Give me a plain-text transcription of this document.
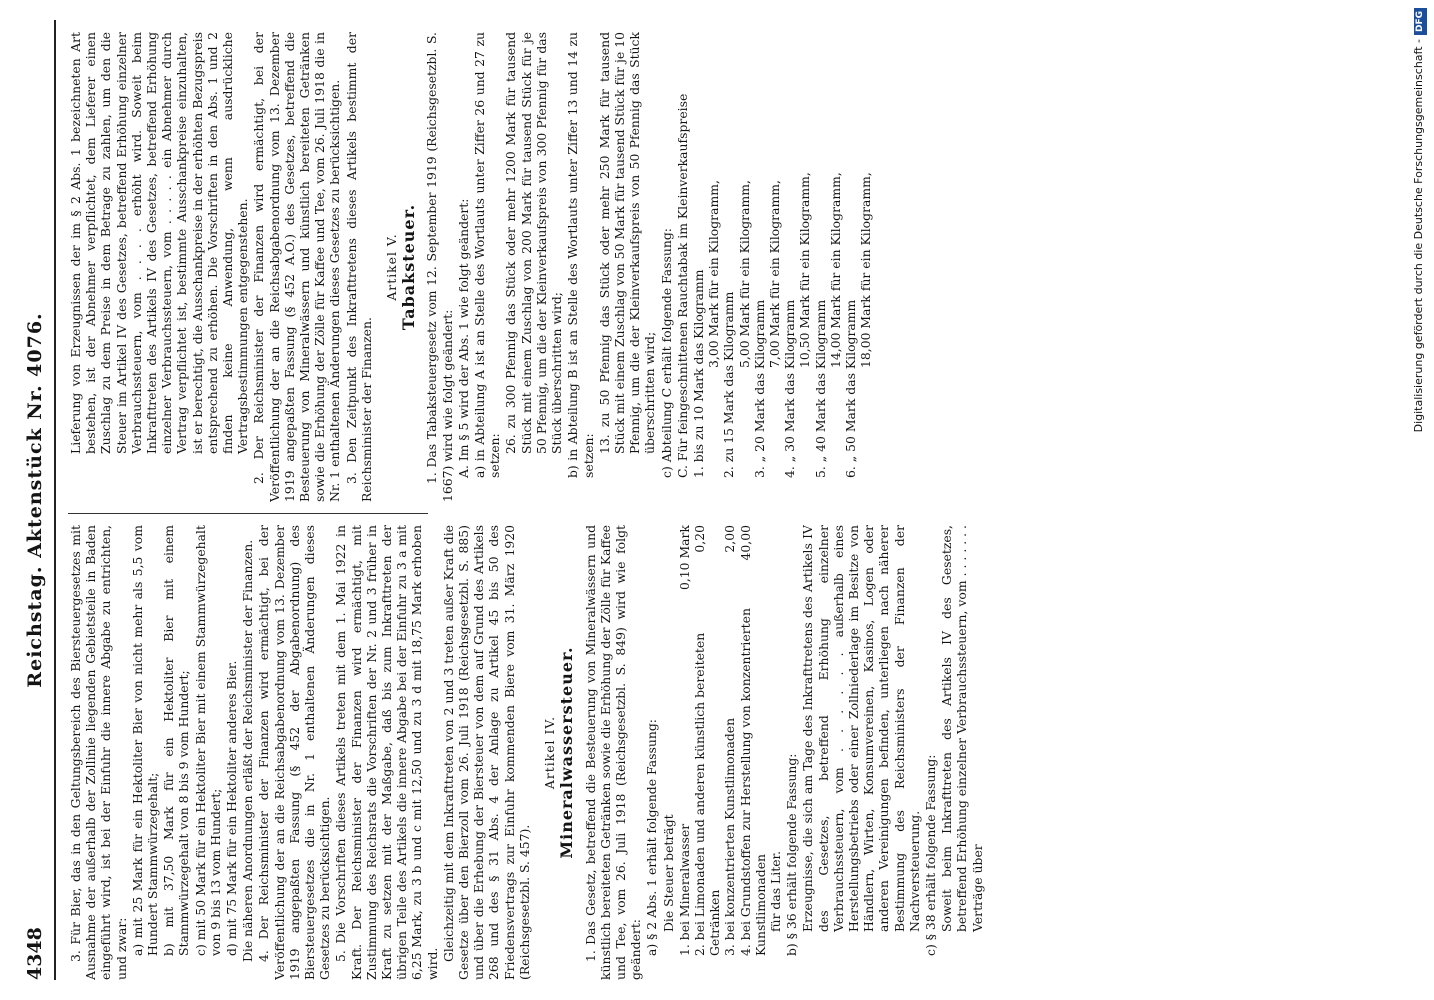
4348
Reichstag. Aktenstück Nr. 4076.

3. Für Bier, das in den Geltungsbereich des Biersteuergesetzes mit Ausnahme der außerhalb der Zollinie liegenden Gebietsteile in Baden eingeführt wird, ist bei der Einfuhr die innere Abgabe zu entrichten, und zwar: a) mit 25 Mark für ein Hektoliter Bier von nicht mehr als 5,5 vom Hundert Stammwürzegehalt; b) mit 37,50 Mark für ein Hektoliter Bier mit einem Stammwürzegehalt von 8 bis 9 vom Hundert; c) mit 50 Mark für ein Hektoliter Bier mit einem Stammwürzegehalt von 9 bis 13 vom Hundert; d) mit 75 Mark für ein Hektoliter anderes Bier. Die näheren Anordnungen erläßt der Reichsminister der Finanzen. 4. Der Reichsminister der Finanzen wird ermächtigt, bei der Veröffentlichung der an die Reichsabgabenordnung vom 13. Dezember 1919 angepaßten Fassung (§ 452 der Abgabenordnung) des Biersteuergesetzes die in Nr. 1 enthaltenen Änderungen dieses Gesetzes zu berücksichtigen. 5. Die Vorschriften dieses Artikels treten mit dem 1. Mai 1922 in Kraft. Der Reichsminister der Finanzen wird ermächtigt, mit Zustimmung des Reichsrats die Vorschriften der Nr. 2 und 3 früher in Kraft zu setzen mit der Maßgabe, daß bis zum Inkrafttreten der übrigen Teile des Artikels die innere Abgabe bei der Einfuhr zu 3 a mit 6,25 Mark, zu 3 b und c mit 12,50 und zu 3 d mit 18,75 Mark erhoben wird.

Gleichzeitig mit dem Inkrafttreten von 2 und 3 treten außer Kraft die Gesetze über den Bierzoll vom 26. Juli 1918 (Reichsgesetzbl. S. 885) und über die Erhebung der Biersteuer von dem auf Grund des Artikels 268 und des § 31 Abs. 4 der Anlage zu Artikel 45 bis 50 des Friedensvertrags zur Einfuhr kommenden Biere vom 31. März 1920 (Reichsgesetzbl. S. 457).

Artikel IV. Mineralwassersteuer. 1. Das Gesetz, betreffend die Besteuerung von Mineralwässern und künstlich bereiteten Getränken sowie die Erhöhung der Zölle für Kaffee und Tee, vom 26. Juli 1918 (Reichsgesetzbl. S. 849) wird wie folgt geändert: a) § 2 Abs. 1 erhält folgende Fassung: Die Steuer beträgt 1. bei Mineralwasser
0,10 Mark
2. bei Limonaden und anderen künstlich bereiteten Getränken
0,20
3. bei konzentrierten Kunstlimonaden
2,00
4. bei Grundstoffen zur Herstellung von konzentrierten Kunstlimonaden
40,00

für das Liter. b) § 36 erhält folgende Fassung: Erzeugnisse, die sich am Tage des Inkrafttretens des Artikels IV des Gesetzes, betreffend Erhöhung einzelner Verbrauchssteuern, vom . . . . . . außerhalb eines Herstellungsbetriebs oder einer Zollniederlage im Besitze von Händlern, Wirten, Konsumvereinen, Kasinos, Logen oder anderen Vereinigungen befinden, unterliegen nach näherer Bestimmung des Reichsministers der Finanzen der Nachversteuerung. c) § 38 erhält folgende Fassung: Soweit beim Inkrafttreten des Artikels IV des Gesetzes, betreffend Erhöhung einzelner Verbrauchssteuern, vom . . . . . . . Verträge über

Lieferung von Erzeugnissen der im § 2 Abs. 1 bezeichneten Art bestehen, ist der Abnehmer verpflichtet, dem Lieferer einen Zuschlag zu dem Preise in dem Betrage zu zahlen, um den die Steuer im Artikel IV des Gesetzes, betreffend Erhöhung einzelner Verbrauchssteuern, vom . . . . erhöht wird. Soweit beim Inkrafttreten des Artikels IV des Gesetzes, betreffend Erhöhung einzelner Verbrauchssteuern, vom . . . . . ein Abnehmer durch Vertrag verpflichtet ist, bestimmte Ausschankpreise einzuhalten, ist er berechtigt, die Ausschankpreise in der erhöhten Bezugspreis entsprechend zu erhöhen. Die Vorschriften in den Abs. 1 und 2 finden keine Anwendung, wenn ausdrückliche Vertragsbestimmungen entgegenstehen. 2. Der Reichsminister der Finanzen wird ermächtigt, bei der Veröffentlichung der an die Reichsabgabenordnung vom 13. Dezember 1919 angepaßten Fassung (§ 452 A.O.) des Gesetzes, betreffend die Besteuerung von Mineralwässern und künstlich bereiteten Getränken sowie die Erhöhung der Zölle für Kaffee und Tee, vom 26. Juli 1918 die in Nr. 1 enthaltenen Änderungen dieses Gesetzes zu berücksichtigen. 3. Den Zeitpunkt des Inkrafttretens dieses Artikels bestimmt der Reichsminister der Finanzen.

Artikel V. Tabaksteuer. 1. Das Tabaksteuergesetz vom 12. September 1919 (Reichsgesetzbl. S. 1667) wird wie folgt geändert: A. Im § 5 wird der Abs. 1 wie folgt geändert: a) in Abteilung A ist an Stelle des Wortlauts unter Ziffer 26 und 27 zu setzen:

26. zu 300 Pfennig das Stück oder mehr 1200 Mark für tausend Stück mit einem Zuschlag von 200 Mark für tausend Stück für je 50 Pfennig, um die der Kleinverkaufspreis von 300 Pfennig für das Stück überschritten wird; b) in Abteilung B ist an Stelle des Wortlauts unter Ziffer 13 und 14 zu setzen:

13. zu 50 Pfennig das Stück oder mehr 250 Mark für tausend Stück mit einem Zuschlag von 50 Mark für tausend Stück für je 10 Pfennig, um die der Kleinverkaufspreis von 50 Pfennig das Stück überschritten wird; c) Abteilung C erhält folgende Fassung: C. Für feingeschnittenen Rauchtabak im Kleinverkaufspreise 1. bis zu 10 Mark das Kilogramm 3,00 Mark für ein Kilogramm,
2. zu 15 Mark das Kilogramm
5,00 Mark für ein Kilogramm,
3. „ 20 Mark das Kilogramm
7,00 Mark für ein Kilogramm,
4. „ 30 Mark das Kilogramm
10,50 Mark für ein Kilogramm,
5. „ 40 Mark das Kilogramm
14,00 Mark für ein Kilogramm,
6. „ 50 Mark das Kilogramm
18,00 Mark für ein Kilogramm,	Digitalisierung gefördert durch die Deutsche Forschungsgemeinschaft -DFG
